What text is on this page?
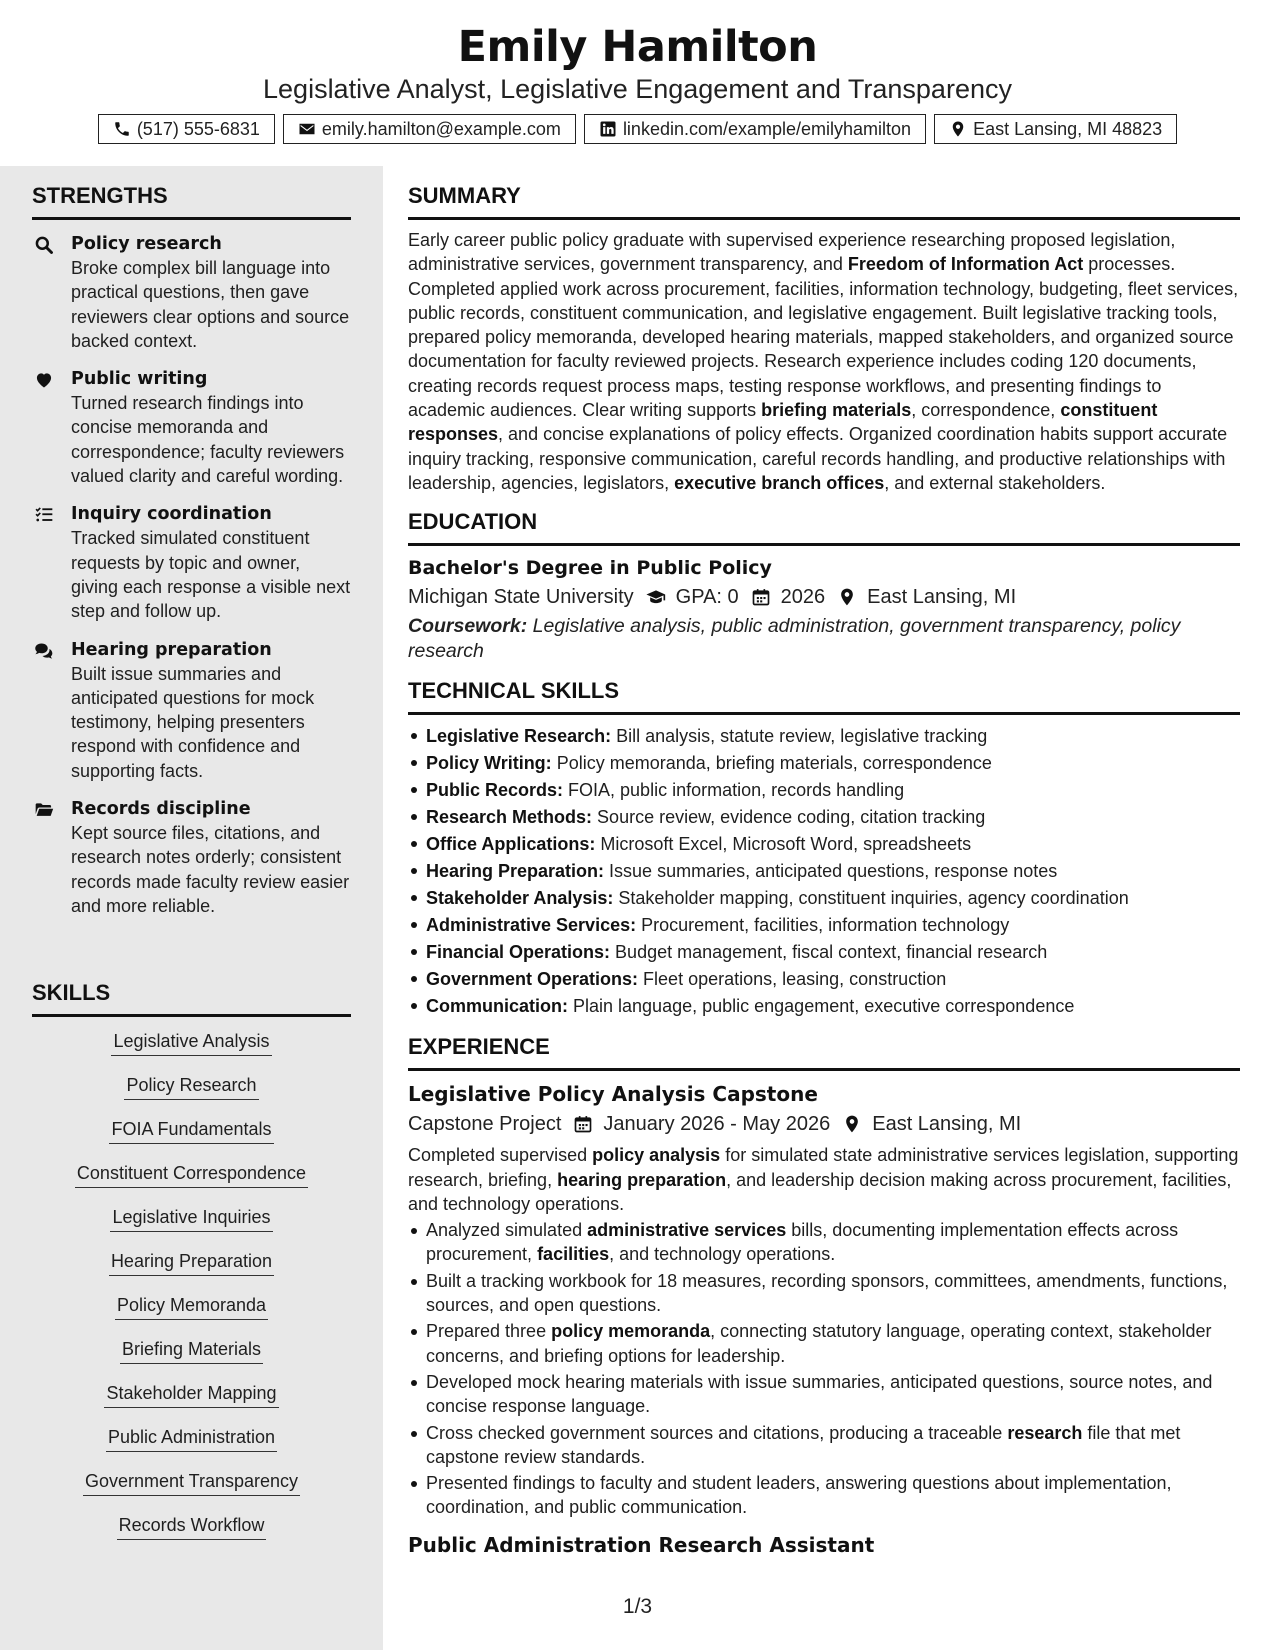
Emily Hamilton
Legislative Analyst, Legislative Engagement and Transparency
(517) 555-6831	emily.hamilton@example.com	linkedin.com/example/emilyhamilton	East Lansing, MI 48823
STRENGTHS
Policy research
Broke complex bill language into practical questions, then gave reviewers clear options and source backed context.
Public writing
Turned research findings into concise memoranda and correspondence; faculty reviewers valued clarity and careful wording.
Inquiry coordination
Tracked simulated constituent requests by topic and owner, giving each response a visible next step and follow up.
Hearing preparation
Built issue summaries and anticipated questions for mock testimony, helping presenters respond with confidence and supporting facts.
Records discipline
Kept source files, citations, and research notes orderly; consistent records made faculty review easier and more reliable.
SKILLS
Legislative Analysis
Policy Research
FOIA Fundamentals
Constituent Correspondence
Legislative Inquiries
Hearing Preparation
Policy Memoranda
Briefing Materials
Stakeholder Mapping
Public Administration
Government Transparency
Records Workflow
SUMMARY

Early career public policy graduate with supervised experience researching proposed legislation, administrative services, government transparency, and Freedom of Information Act processes. Completed applied work across procurement, facilities, information technology, budgeting, fleet services, public records, constituent communication, and legislative engagement. Built legislative tracking tools, prepared policy memoranda, developed hearing materials, mapped stakeholders, and organized source documentation for faculty reviewed projects. Research experience includes coding 120 documents, creating records request process maps, testing response workflows, and presenting findings to academic audiences. Clear writing supports briefing materials, correspondence, constituent responses, and concise explanations of policy effects. Organized coordination habits support accurate inquiry tracking, responsive communication, careful records handling, and productive relationships with leadership, agencies, legislators, executive branch offices, and external stakeholders.

EDUCATION
Bachelor's Degree in Public Policy
Michigan State University GPA: 0 2026 East Lansing, MI
Coursework: Legislative analysis, public administration, government transparency, policy research
TECHNICAL SKILLS
Legislative Research: Bill analysis, statute review, legislative tracking
Policy Writing: Policy memoranda, briefing materials, correspondence
Public Records: FOIA, public information, records handling
Research Methods: Source review, evidence coding, citation tracking
Office Applications: Microsoft Excel, Microsoft Word, spreadsheets
Hearing Preparation: Issue summaries, anticipated questions, response notes
Stakeholder Analysis: Stakeholder mapping, constituent inquiries, agency coordination
Administrative Services: Procurement, facilities, information technology
Financial Operations: Budget management, fiscal context, financial research
Government Operations: Fleet operations, leasing, construction
Communication: Plain language, public engagement, executive correspondence
EXPERIENCE
Legislative Policy Analysis Capstone
Capstone Project January 2026 - May 2026 East Lansing, MI

Completed supervised policy analysis for simulated state administrative services legislation, supporting research, briefing, hearing preparation, and leadership decision making across procurement, facilities, and technology operations.

Analyzed simulated administrative services bills, documenting implementation effects across procurement, facilities, and technology operations.
Built a tracking workbook for 18 measures, recording sponsors, committees, amendments, functions, sources, and open questions.
Prepared three policy memoranda, connecting statutory language, operating context, stakeholder concerns, and briefing options for leadership.
Developed mock hearing materials with issue summaries, anticipated questions, source notes, and concise response language.
Cross checked government sources and citations, producing a traceable research file that met capstone review standards.
Presented findings to faculty and student leaders, answering questions about implementation, coordination, and public communication.
Public Administration Research Assistant
1/3
